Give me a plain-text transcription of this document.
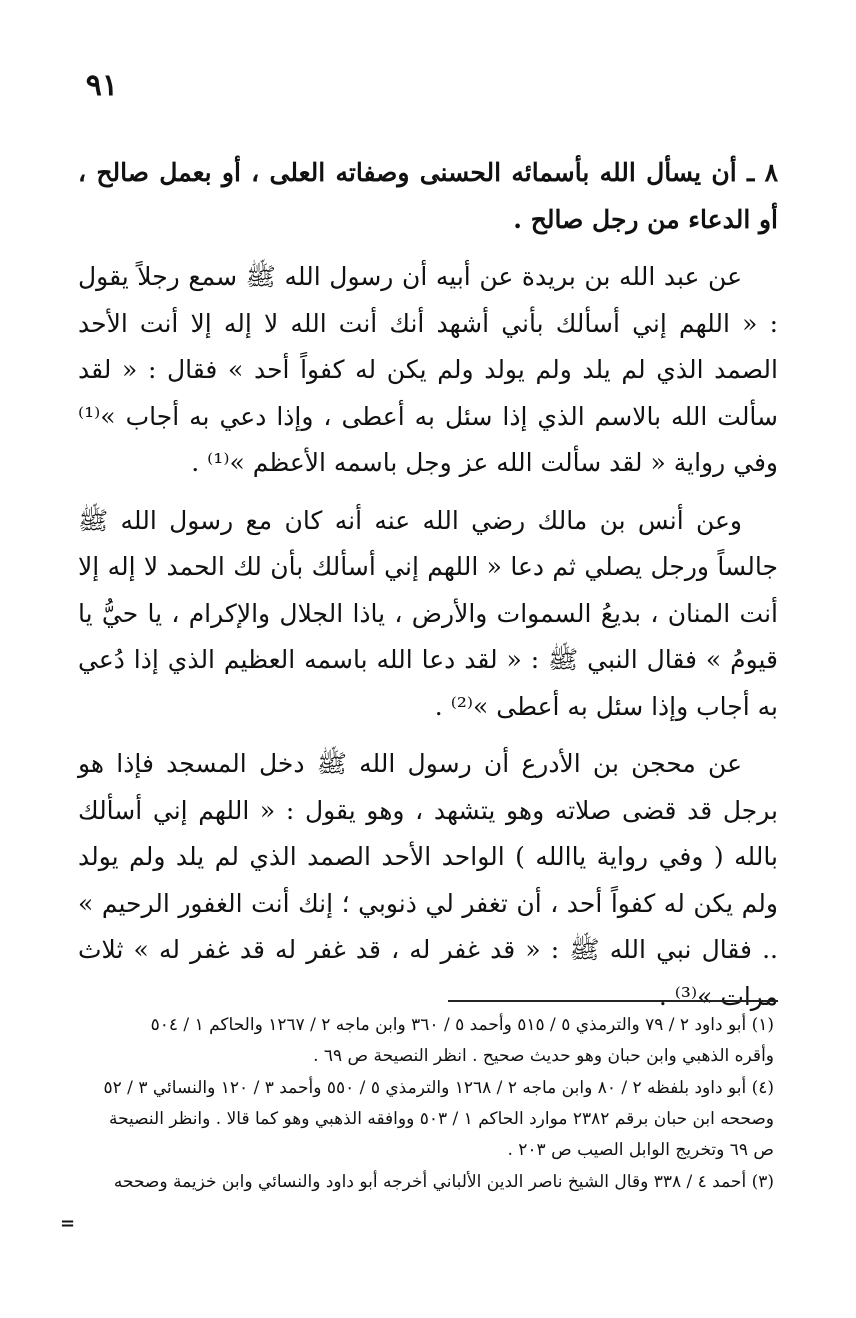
٩١

٨ ـ أن يسأل الله بأسمائه الحسنى وصفاته العلى ، أو بعمل صالح ، أو الدعاء من رجل صالح .

عن عبد الله بن بريدة عن أبيه أن رسول الله ﷺ سمع رجلاً يقول : « اللهم إني أسألك بأني أشهد أنك أنت الله لا إله إلا أنت الأحد الصمد الذي لم يلد ولم يولد ولم يكن له كفواً أحد » فقال : « لقد سألت الله بالاسم الذي إذا سئل به أعطى ، وإذا دعي به أجاب »⁽¹⁾ وفي رواية « لقد سألت الله عز وجل باسمه الأعظم »⁽¹⁾ .

وعن أنس بن مالك رضي الله عنه أنه كان مع رسول الله ﷺ جالساً ورجل يصلي ثم دعا « اللهم إني أسألك بأن لك الحمد لا إله إلا أنت المنان ، بديعُ السموات والأرض ، ياذا الجلال والإكرام ، يا حيُّ يا قيومُ » فقال النبي ﷺ : « لقد دعا الله باسمه العظيم الذي إذا دُعي به أجاب وإذا سئل به أعطى »⁽²⁾ .

عن محجن بن الأدرع أن رسول الله ﷺ دخل المسجد فإذا هو برجل قد قضى صلاته وهو يتشهد ، وهو يقول : « اللهم إني أسألك بالله ( وفي رواية ياالله ) الواحد الأحد الصمد الذي لم يلد ولم يولد ولم يكن له كفواً أحد ، أن تغفر لي ذنوبي ؛ إنك أنت الغفور الرحيم » .. فقال نبي الله ﷺ : « قد غفر له ، قد غفر له قد غفر له » ثلاث مرات »⁽³⁾ .

(١) أبو داود ٢ / ٧٩ والترمذي ٥ / ٥١٥ وأحمد ٥ / ٣٦٠ وابن ماجه ٢ / ١٢٦٧ والحاكم ١ / ٥٠٤
وأقره الذهبي وابن حبان وهو حديث صحيح . انظر النصيحة ص ٦٩ .
(٤) أبو داود بلفظه ٢ / ٨٠ وابن ماجه ٢ / ١٢٦٨ والترمذي ٥ / ٥٥٠ وأحمد ٣ / ١٢٠ والنسائي ٣ / ٥٢
وصححه ابن حبان برقم ٢٣٨٢ موارد الحاكم ١ / ٥٠٣ ووافقه الذهبي وهو كما قالا . وانظر النصيحة
ص ٦٩ وتخريج الوابل الصيب ص ٢٠٣ .
(٣) أحمد ٤ / ٣٣٨ وقال الشيخ ناصر الدين الألباني أخرجه أبو داود والنسائي وابن خزيمة وصححه
=
